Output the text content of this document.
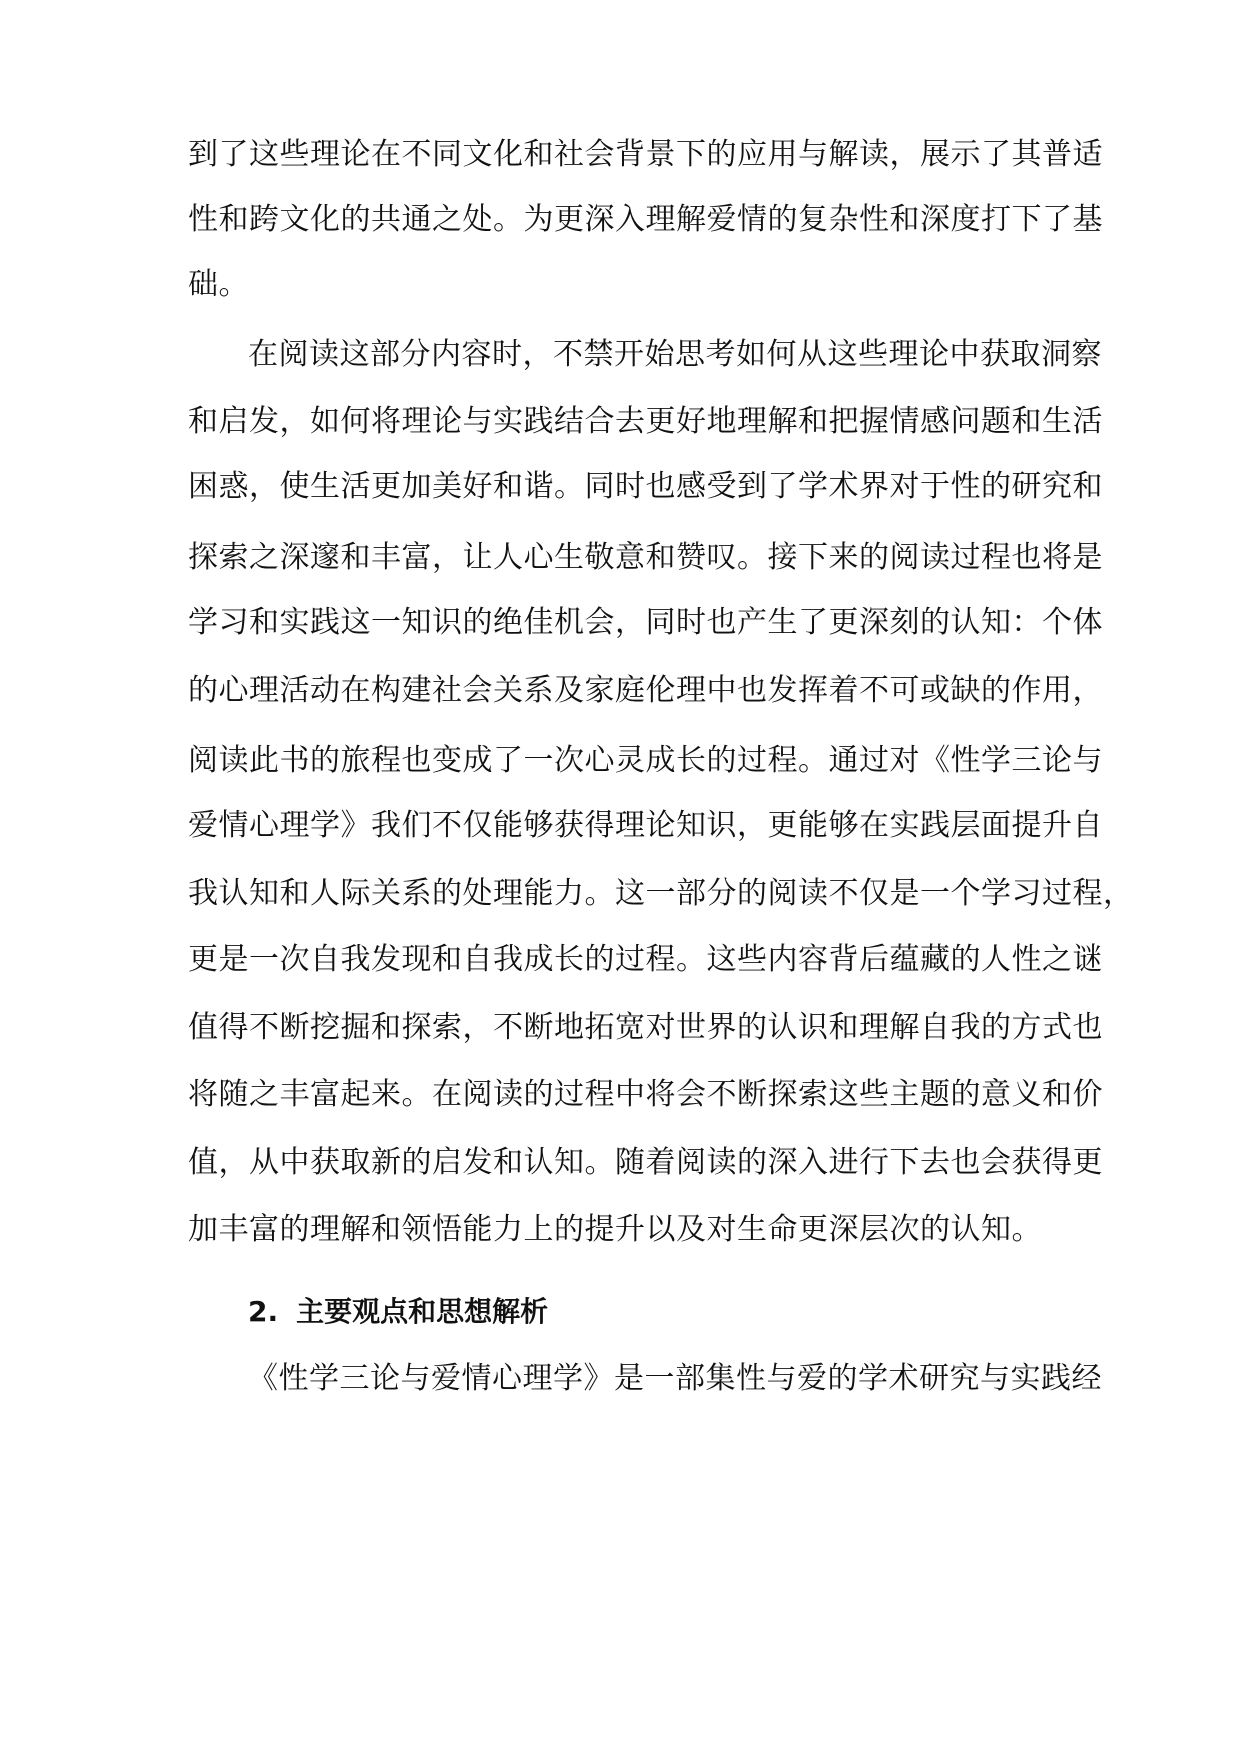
到了这些理论在不同文化和社会背景下的应用与解读，展示了其普适
性和跨文化的共通之处。为更深入理解爱情的复杂性和深度打下了基
础。
在阅读这部分内容时，不禁开始思考如何从这些理论中获取洞察
和启发，如何将理论与实践结合去更好地理解和把握情感问题和生活
困惑，使生活更加美好和谐。同时也感受到了学术界对于性的研究和
探索之深邃和丰富，让人心生敬意和赞叹。接下来的阅读过程也将是
学习和实践这一知识的绝佳机会，同时也产生了更深刻的认知：个体
的心理活动在构建社会关系及家庭伦理中也发挥着不可或缺的作用，
阅读此书的旅程也变成了一次心灵成长的过程。通过对《性学三论与
爱情心理学》我们不仅能够获得理论知识，更能够在实践层面提升自
我认知和人际关系的处理能力。这一部分的阅读不仅是一个学习过程，
更是一次自我发现和自我成长的过程。这些内容背后蕴藏的人性之谜
值得不断挖掘和探索，不断地拓宽对世界的认识和理解自我的方式也
将随之丰富起来。在阅读的过程中将会不断探索这些主题的意义和价
值，从中获取新的启发和认知。随着阅读的深入进行下去也会获得更
加丰富的理解和领悟能力上的提升以及对生命更深层次的认知。
2. 主要观点和思想解析
《性学三论与爱情心理学》是一部集性与爱的学术研究与实践经
